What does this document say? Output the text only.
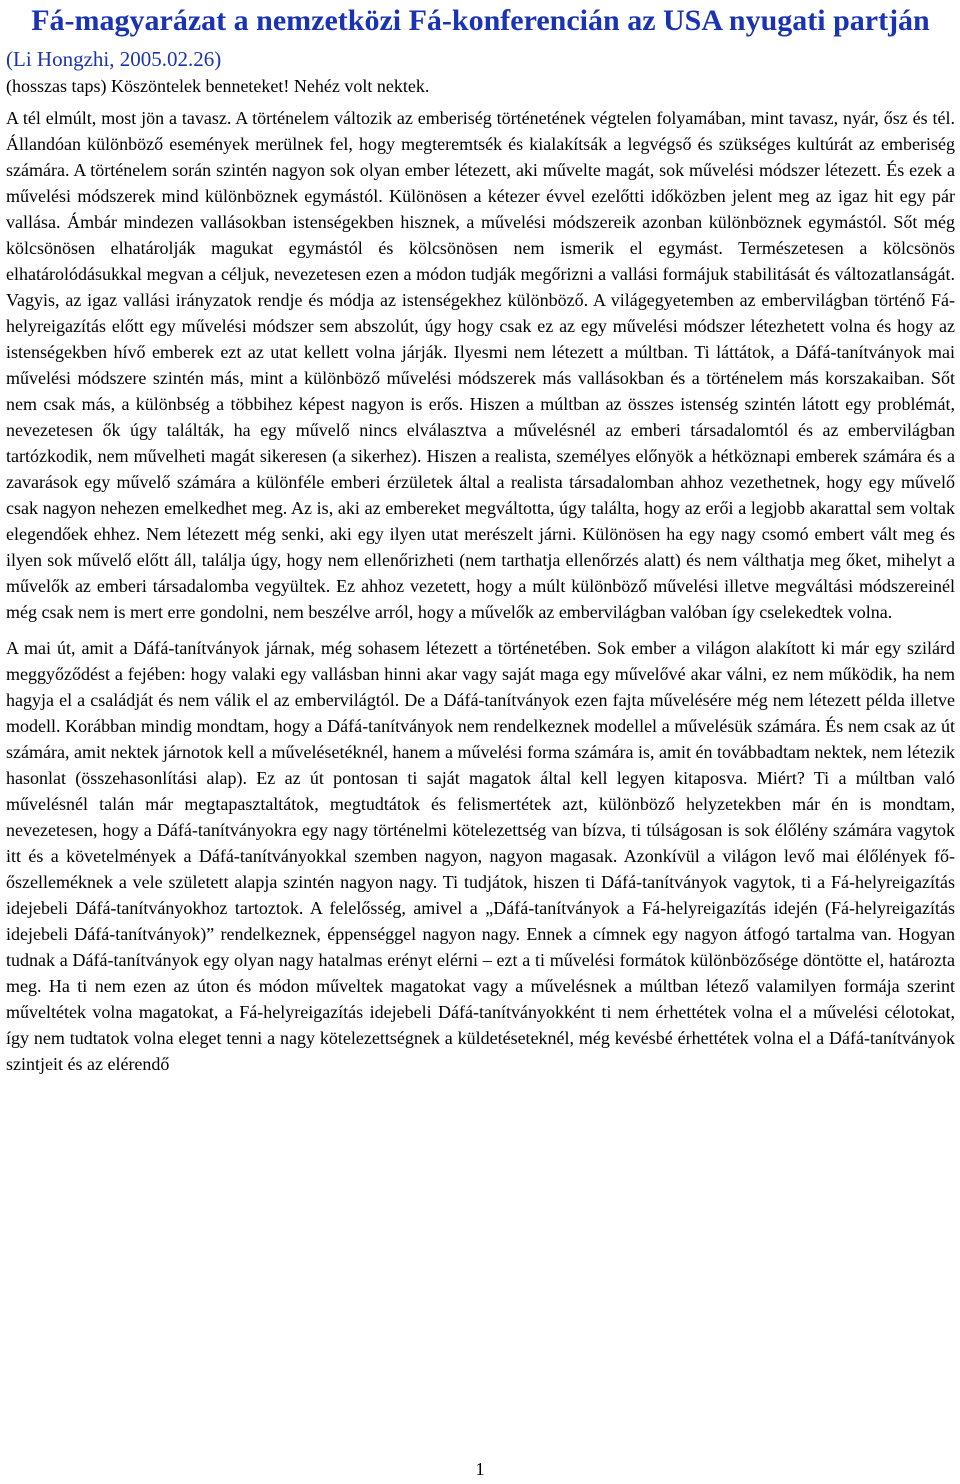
Fá-magyarázat a nemzetközi Fá-konferencián az USA nyugati partján
(Li Hongzhi, 2005.02.26)

(hosszas taps) Köszöntelek benneteket! Nehéz volt nektek.

A tél elmúlt, most jön a tavasz. A történelem változik az emberiség történetének végtelen folyamában, mint tavasz, nyár, ősz és tél. Állandóan különböző események merülnek fel, hogy megteremtsék és kialakítsák a legvégső és szükséges kultúrát az emberiség számára. A történelem során szintén nagyon sok olyan ember létezett, aki művelte magát, sok művelési módszer létezett. És ezek a művelési módszerek mind különböznek egymástól. Különösen a kétezer évvel ezelőtti időközben jelent meg az igaz hit egy pár vallása. Ámbár mindezen vallásokban istenségekben hisznek, a művelési módszereik azonban különböznek egymástól. Sőt még kölcsönösen elhatárolják magukat egymástól és kölcsönösen nem ismerik el egymást. Természetesen a kölcsönös elhatárolódásukkal megvan a céljuk, nevezetesen ezen a módon tudják megőrizni a vallási formájuk stabilitását és változatlanságát. Vagyis, az igaz vallási irányzatok rendje és módja az istenségekhez különböző. A világegyetemben az embervilágban történő Fá-helyreigazítás előtt egy művelési módszer sem abszolút, úgy hogy csak ez az egy művelési módszer létezhetett volna és hogy az istenségekben hívő emberek ezt az utat kellett volna járják. Ilyesmi nem létezett a múltban. Ti láttátok, a Dáfá-tanítványok mai művelési módszere szintén más, mint a különböző művelési módszerek más vallásokban és a történelem más korszakaiban. Sőt nem csak más, a különbség a többihez képest nagyon is erős. Hiszen a múltban az összes istenség szintén látott egy problémát, nevezetesen ők úgy találták, ha egy művelő nincs elválasztva a művelésnél az emberi társadalomtól és az embervilágban tartózkodik, nem művelheti magát sikeresen (a sikerhez). Hiszen a realista, személyes előnyök a hétköznapi emberek számára és a zavarások egy művelő számára a különféle emberi érzületek által a realista társadalomban ahhoz vezethetnek, hogy egy művelő csak nagyon nehezen emelkedhet meg. Az is, aki az embereket megváltotta, úgy találta, hogy az erői a legjobb akarattal sem voltak elegendőek ehhez. Nem létezett még senki, aki egy ilyen utat merészelt járni. Különösen ha egy nagy csomó embert vált meg és ilyen sok művelő előtt áll, találja úgy, hogy nem ellenőrizheti (nem tarthatja ellenőrzés alatt) és nem válthatja meg őket, mihelyt a művelők az emberi társadalomba vegyültek. Ez ahhoz vezetett, hogy a múlt különböző művelési illetve megváltási módszereinél még csak nem is mert erre gondolni, nem beszélve arról, hogy a művelők az embervilágban valóban így cselekedtek volna.

A mai út, amit a Dáfá-tanítványok járnak, még sohasem létezett a történetében. Sok ember a világon alakított ki már egy szilárd meggyőződést a fejében: hogy valaki egy vallásban hinni akar vagy saját maga egy művelővé akar válni, ez nem működik, ha nem hagyja el a családját és nem válik el az embervilágtól. De a Dáfá-tanítványok ezen fajta művelésére még nem létezett példa illetve modell. Korábban mindig mondtam, hogy a Dáfá-tanítványok nem rendelkeznek modellel a művelésük számára. És nem csak az út számára, amit nektek járnotok kell a művelésetéknél, hanem a művelési forma számára is, amit én továbbadtam nektek, nem létezik hasonlat (összehasonlítási alap). Ez az út pontosan ti saját magatok által kell legyen kitaposva. Miért? Ti a múltban való művelésnél talán már megtapasztaltátok, megtudtátok és felismertétek azt, különböző helyzetekben már én is mondtam, nevezetesen, hogy a Dáfá-tanítványokra egy nagy történelmi kötelezettség van bízva, ti túlságosan is sok élőlény számára vagytok itt és a követelmények a Dáfá-tanítványokkal szemben nagyon, nagyon magasak. Azonkívül a világon levő mai élőlények fő-őszelleméknek a vele született alapja szintén nagyon nagy. Ti tudjátok, hiszen ti Dáfá-tanítványok vagytok, ti a Fá-helyreigazítás idejebeli Dáfá-tanítványokhoz tartoztok. A felelősség, amivel a „Dáfá-tanítványok a Fá-helyreigazítás idején (Fá-helyreigazítás idejebeli Dáfá-tanítványok)” rendelkeznek, éppenséggel nagyon nagy. Ennek a címnek egy nagyon átfogó tartalma van. Hogyan tudnak a Dáfá-tanítványok egy olyan nagy hatalmas erényt elérni – ezt a ti művelési formátok különbözősége döntötte el, határozta meg. Ha ti nem ezen az úton és módon műveltek magatokat vagy a művelésnek a múltban létező valamilyen formája szerint műveltétek volna magatokat, a Fá-helyreigazítás idejebeli Dáfá-tanítványokként ti nem érhettétek volna el a művelési célotokat, így nem tudtatok volna eleget tenni a nagy kötelezettségnek a küldetéseteknél, még kevésbé érhettétek volna el a Dáfá-tanítványok szintjeit és az elérendő

1
